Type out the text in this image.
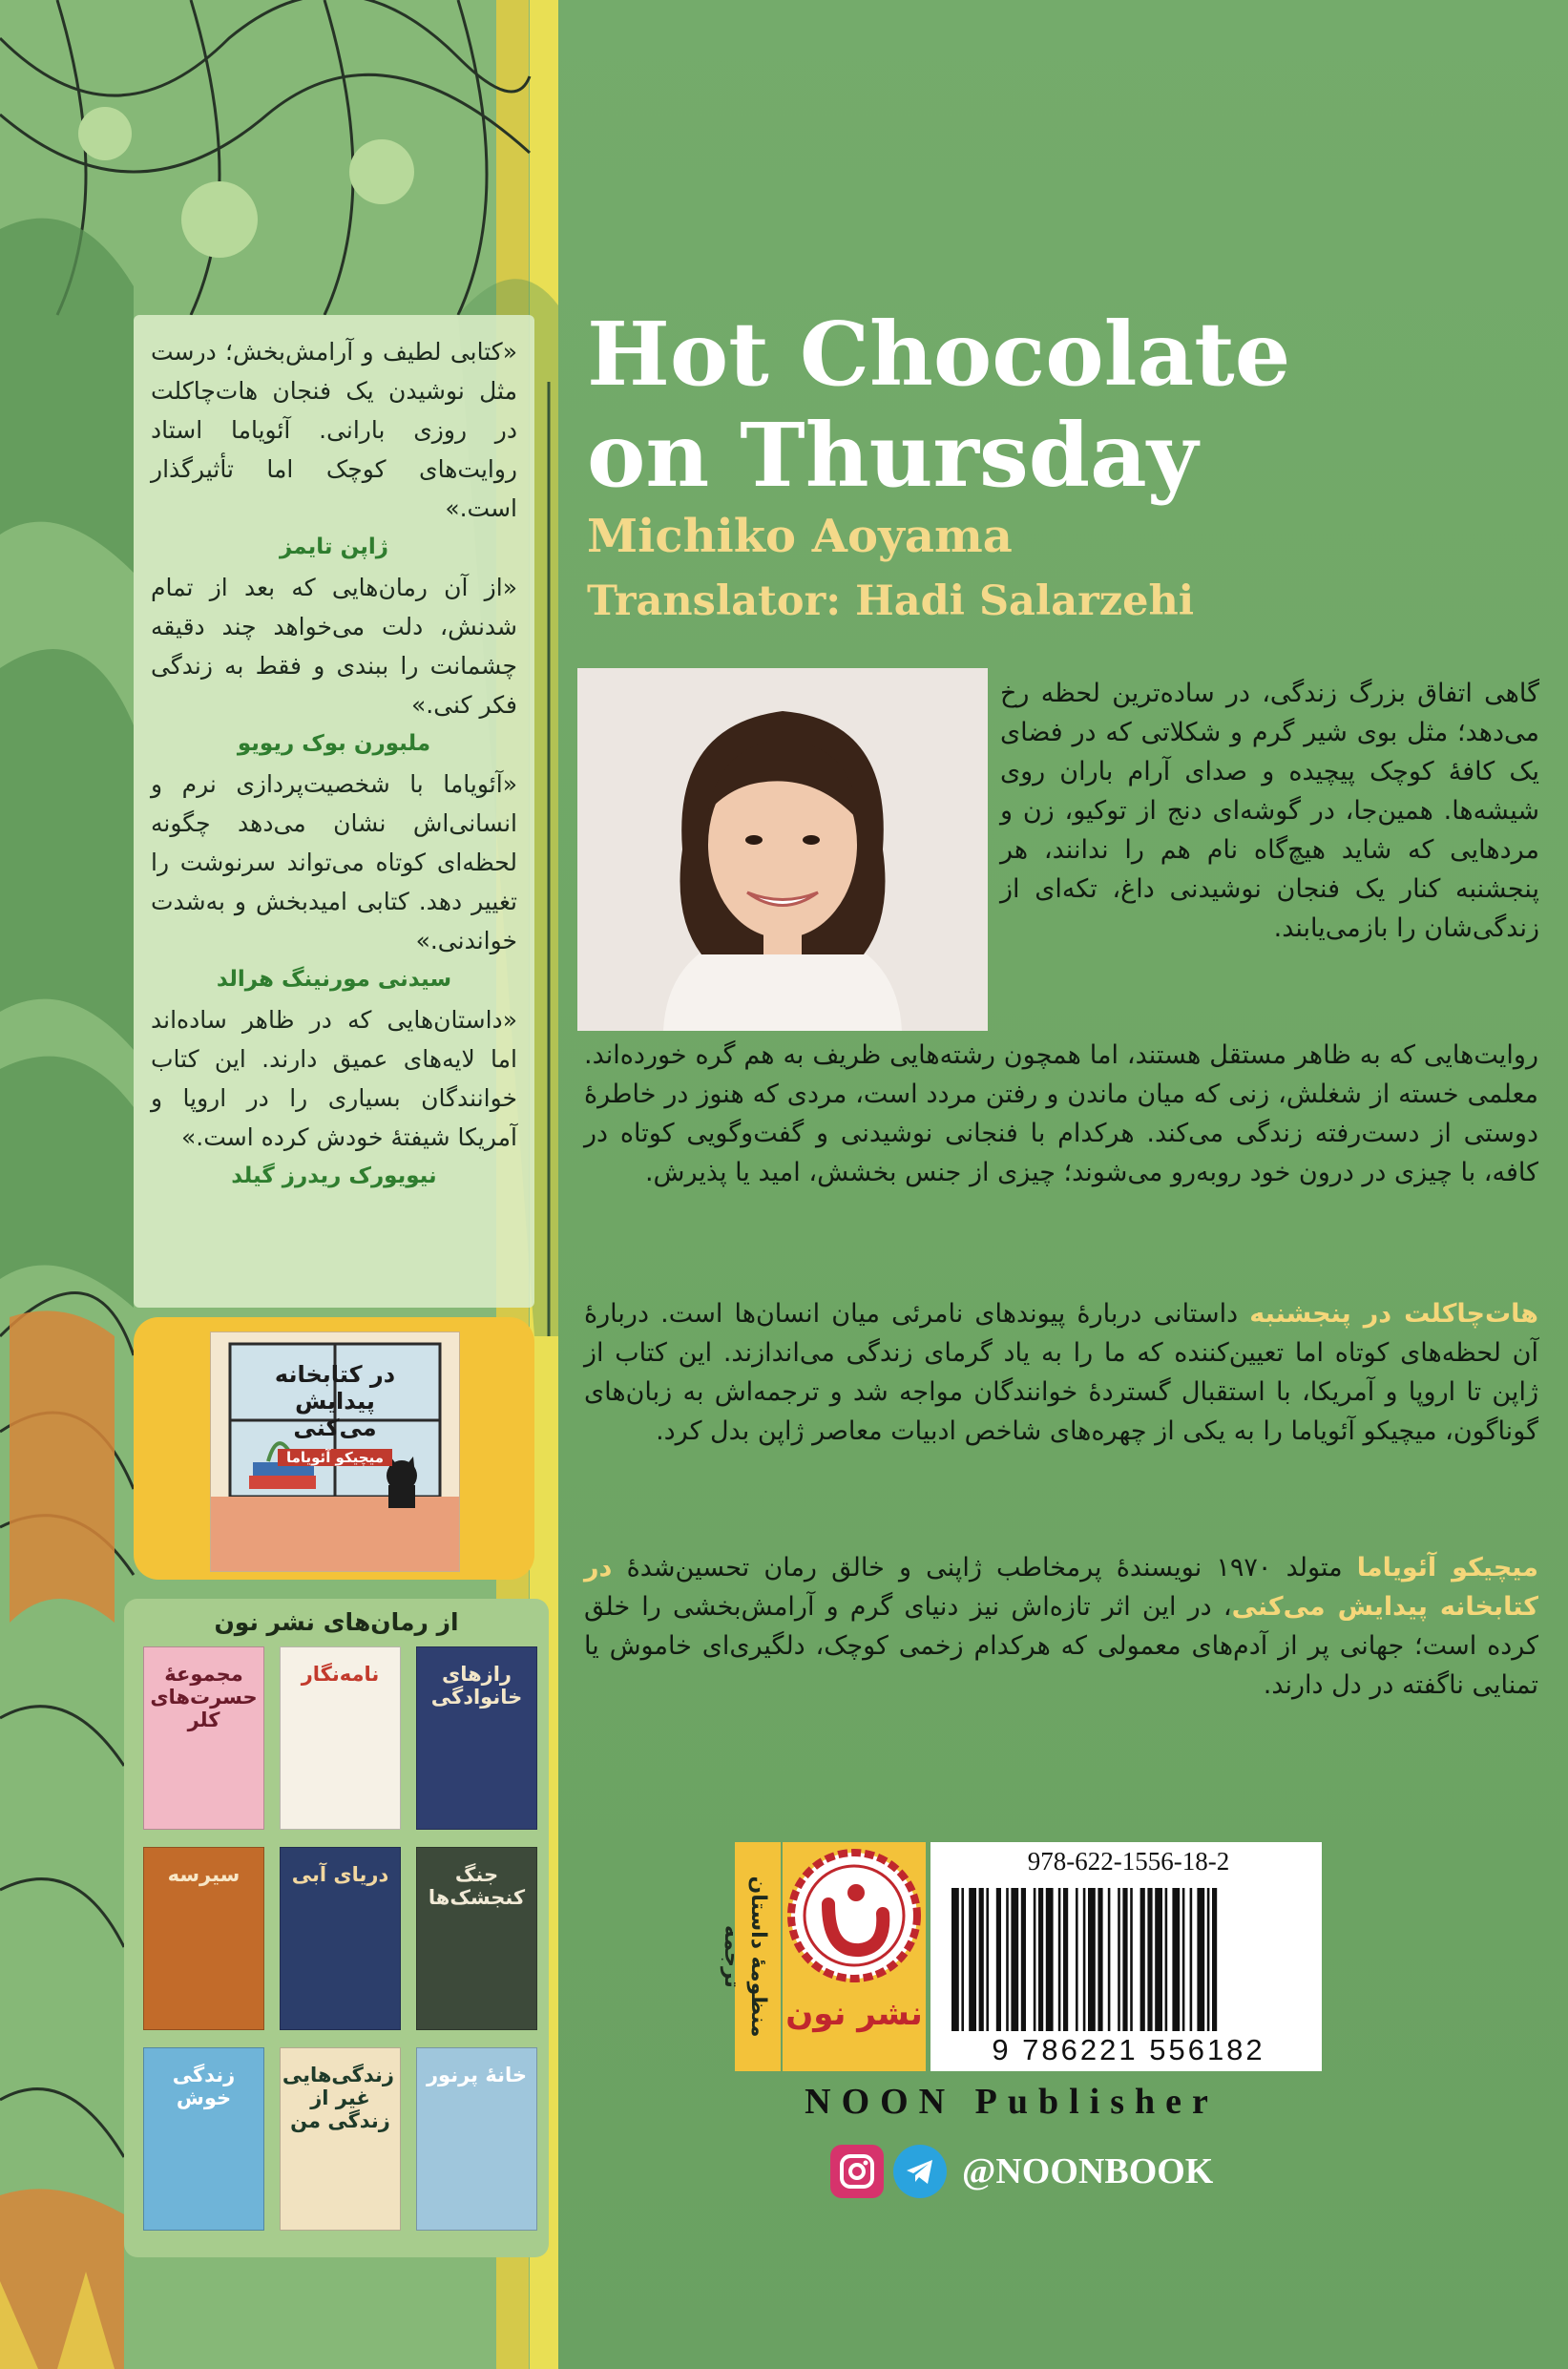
«کتابی لطیف و آرامش‌بخش؛ درست مثل نوشیدن یک فنجان هات‌چاکلت در روزی بارانی. آئویاما استاد روایت‌های کوچک اما تأثیرگذار است.»

ژاپن تایمز

«از آن رمان‌هایی که بعد از تمام شدنش، دلت می‌خواهد چند دقیقه چشمانت را ببندی و فقط به زندگی فکر کنی.»

ملبورن بوک ریویو

«آئویاما با شخصیت‌پردازی نرم و انسانی‌اش نشان می‌دهد چگونه لحظه‌ای کوتاه می‌تواند سرنوشت را تغییر دهد. کتابی امیدبخش و به‌شدت خواندنی.»

سیدنی مورنینگ هرالد

«داستان‌هایی که در ظاهر ساده‌اند اما لایه‌های عمیق دارند. این کتاب خوانندگان بسیاری را در اروپا و آمریکا شیفتهٔ خودش کرده است.»

نیویورک ریدرز گیلد

در کتابخانه پیدایش می‌کنی
میچیکو آئویاما
از رمان‌های نشر نون
مجموعهٔ حسرت‌های کلر
نامه‌نگار	رازهای خانوادگی
سیرسه	دریای آبی	جنگ کنجشک‌ها
زندگی خوش
زندگی‌هایی غیر از زندگی من
خانهٔ پرنور
Hot Chocolate
on Thursday
Michiko Aoyama
Translator: Hadi Salarzehi

گاهی اتفاق بزرگ زندگی، در ساده‌ترین لحظه رخ می‌دهد؛ مثل بوی شیر گرم و شکلاتی که در فضای یک کافهٔ کوچک پیچیده و صدای آرام باران روی شیشه‌ها. همین‌جا، در گوشه‌ای دنج از توکیو، زن و مردهایی که شاید هیچ‌گاه نام هم را ندانند، هر پنجشنبه کنار یک فنجان نوشیدنی داغ، تکه‌ای از زندگی‌شان را بازمی‌یابند.

روایت‌هایی که به ظاهر مستقل هستند، اما همچون رشته‌هایی ظریف به هم گره خورده‌اند. معلمی خسته از شغلش، زنی که میان ماندن و رفتن مردد است، مردی که هنوز در خاطرهٔ دوستی از دست‌رفته زندگی می‌کند. هرکدام با فنجانی نوشیدنی و گفت‌وگویی کوتاه در کافه، با چیزی در درون خود روبه‌رو می‌شوند؛ چیزی از جنس بخشش، امید یا پذیرش.

هات‌چاکلت در پنجشنبه داستانی دربارهٔ پیوندهای نامرئی میان انسان‌ها است. دربارهٔ آن لحظه‌های کوتاه اما تعیین‌کننده که ما را به یاد گرمای زندگی می‌اندازند. این کتاب از ژاپن تا اروپا و آمریکا، با استقبال گستردهٔ خوانندگان مواجه شد و ترجمه‌اش به زبان‌های گوناگون، میچیکو آئویاما را به یکی از چهره‌های شاخص ادبیات معاصر ژاپن بدل کرد.

میچیکو آئویاما متولد ۱۹۷۰ نویسندهٔ پرمخاطب ژاپنی و خالق رمان تحسین‌شدهٔ در کتابخانه پیدایش می‌کنی، در این اثر تازه‌اش نیز دنیای گرم و آرامش‌بخشی را خلق کرده است؛ جهانی پر از آدم‌های معمولی که هرکدام زخمی کوچک، دلگیری‌ای خاموش یا تمنایی ناگفته در دل دارند.

منظومهٔ داستان ترجمه
نشر نون
978-622-1556-18-2
9 786221 556182
NOON Publisher
@NOONBOOK
